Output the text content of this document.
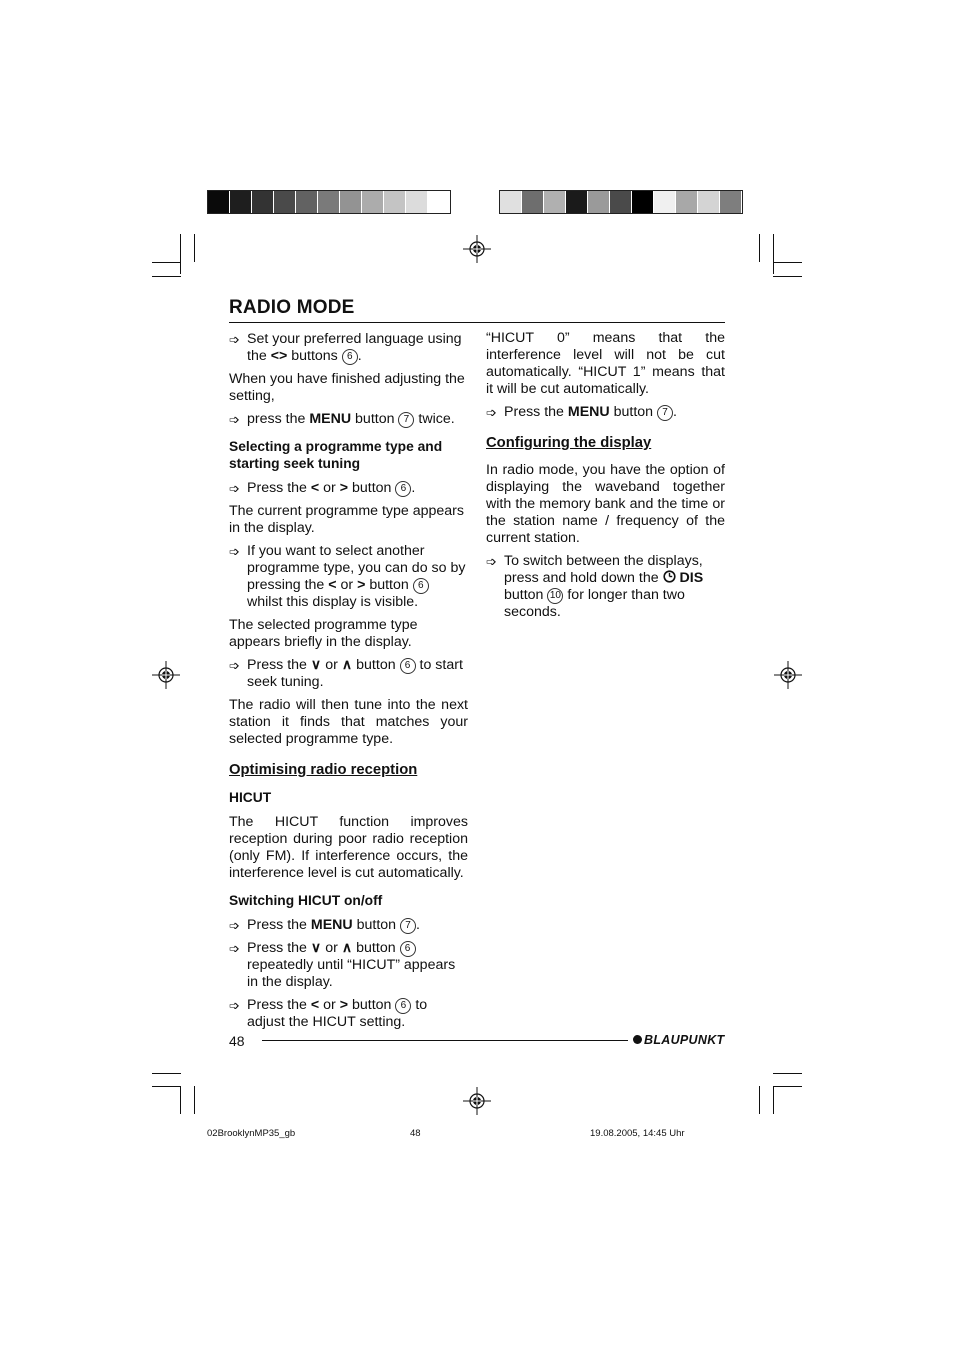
RADIO MODE
➩ Set your preferred language using the <> buttons 6 .

When you have finished adjusting the setting,

➩ press the MENU button 7 twice.
Selecting a programme type and starting seek tuning
➩ Press the < or > button 6 .

The current programme type appears in the display.

➩ If you want to select another programme type, you can do so by pressing the < or > button 6 whilst this display is visible.

The selected programme type appears briefly in the display.

➩ Press the ∨ or ∧ button 6 to start seek tuning.

The radio will then tune into the next station it finds that matches your selected programme type.

Optimising radio reception
HICUT

The HICUT function improves reception during poor radio reception (only FM). If interference occurs, the interference level is cut automatically.

Switching HICUT on/off
➩ Press the MENU button 7 .
➩ Press the ∨ or ∧ button 6 repeatedly until “HICUT” appears in the display.
➩ Press the < or > button 6 to adjust the HICUT setting.

“HICUT 0” means that the interference level will not be cut automatically. “HICUT 1” means that it will be cut automatically.

➩ Press the MENU button 7 .
Configuring the display

In radio mode, you have the option of displaying the waveband together with the memory bank and the time or the station name / frequency of the current station.

➩ To switch between the displays, press and hold down the DIS button 10 for longer than two seconds.
48	BLAUPUNKT
02BrooklynMP35_gb	48	19.08.2005, 14:45 Uhr
